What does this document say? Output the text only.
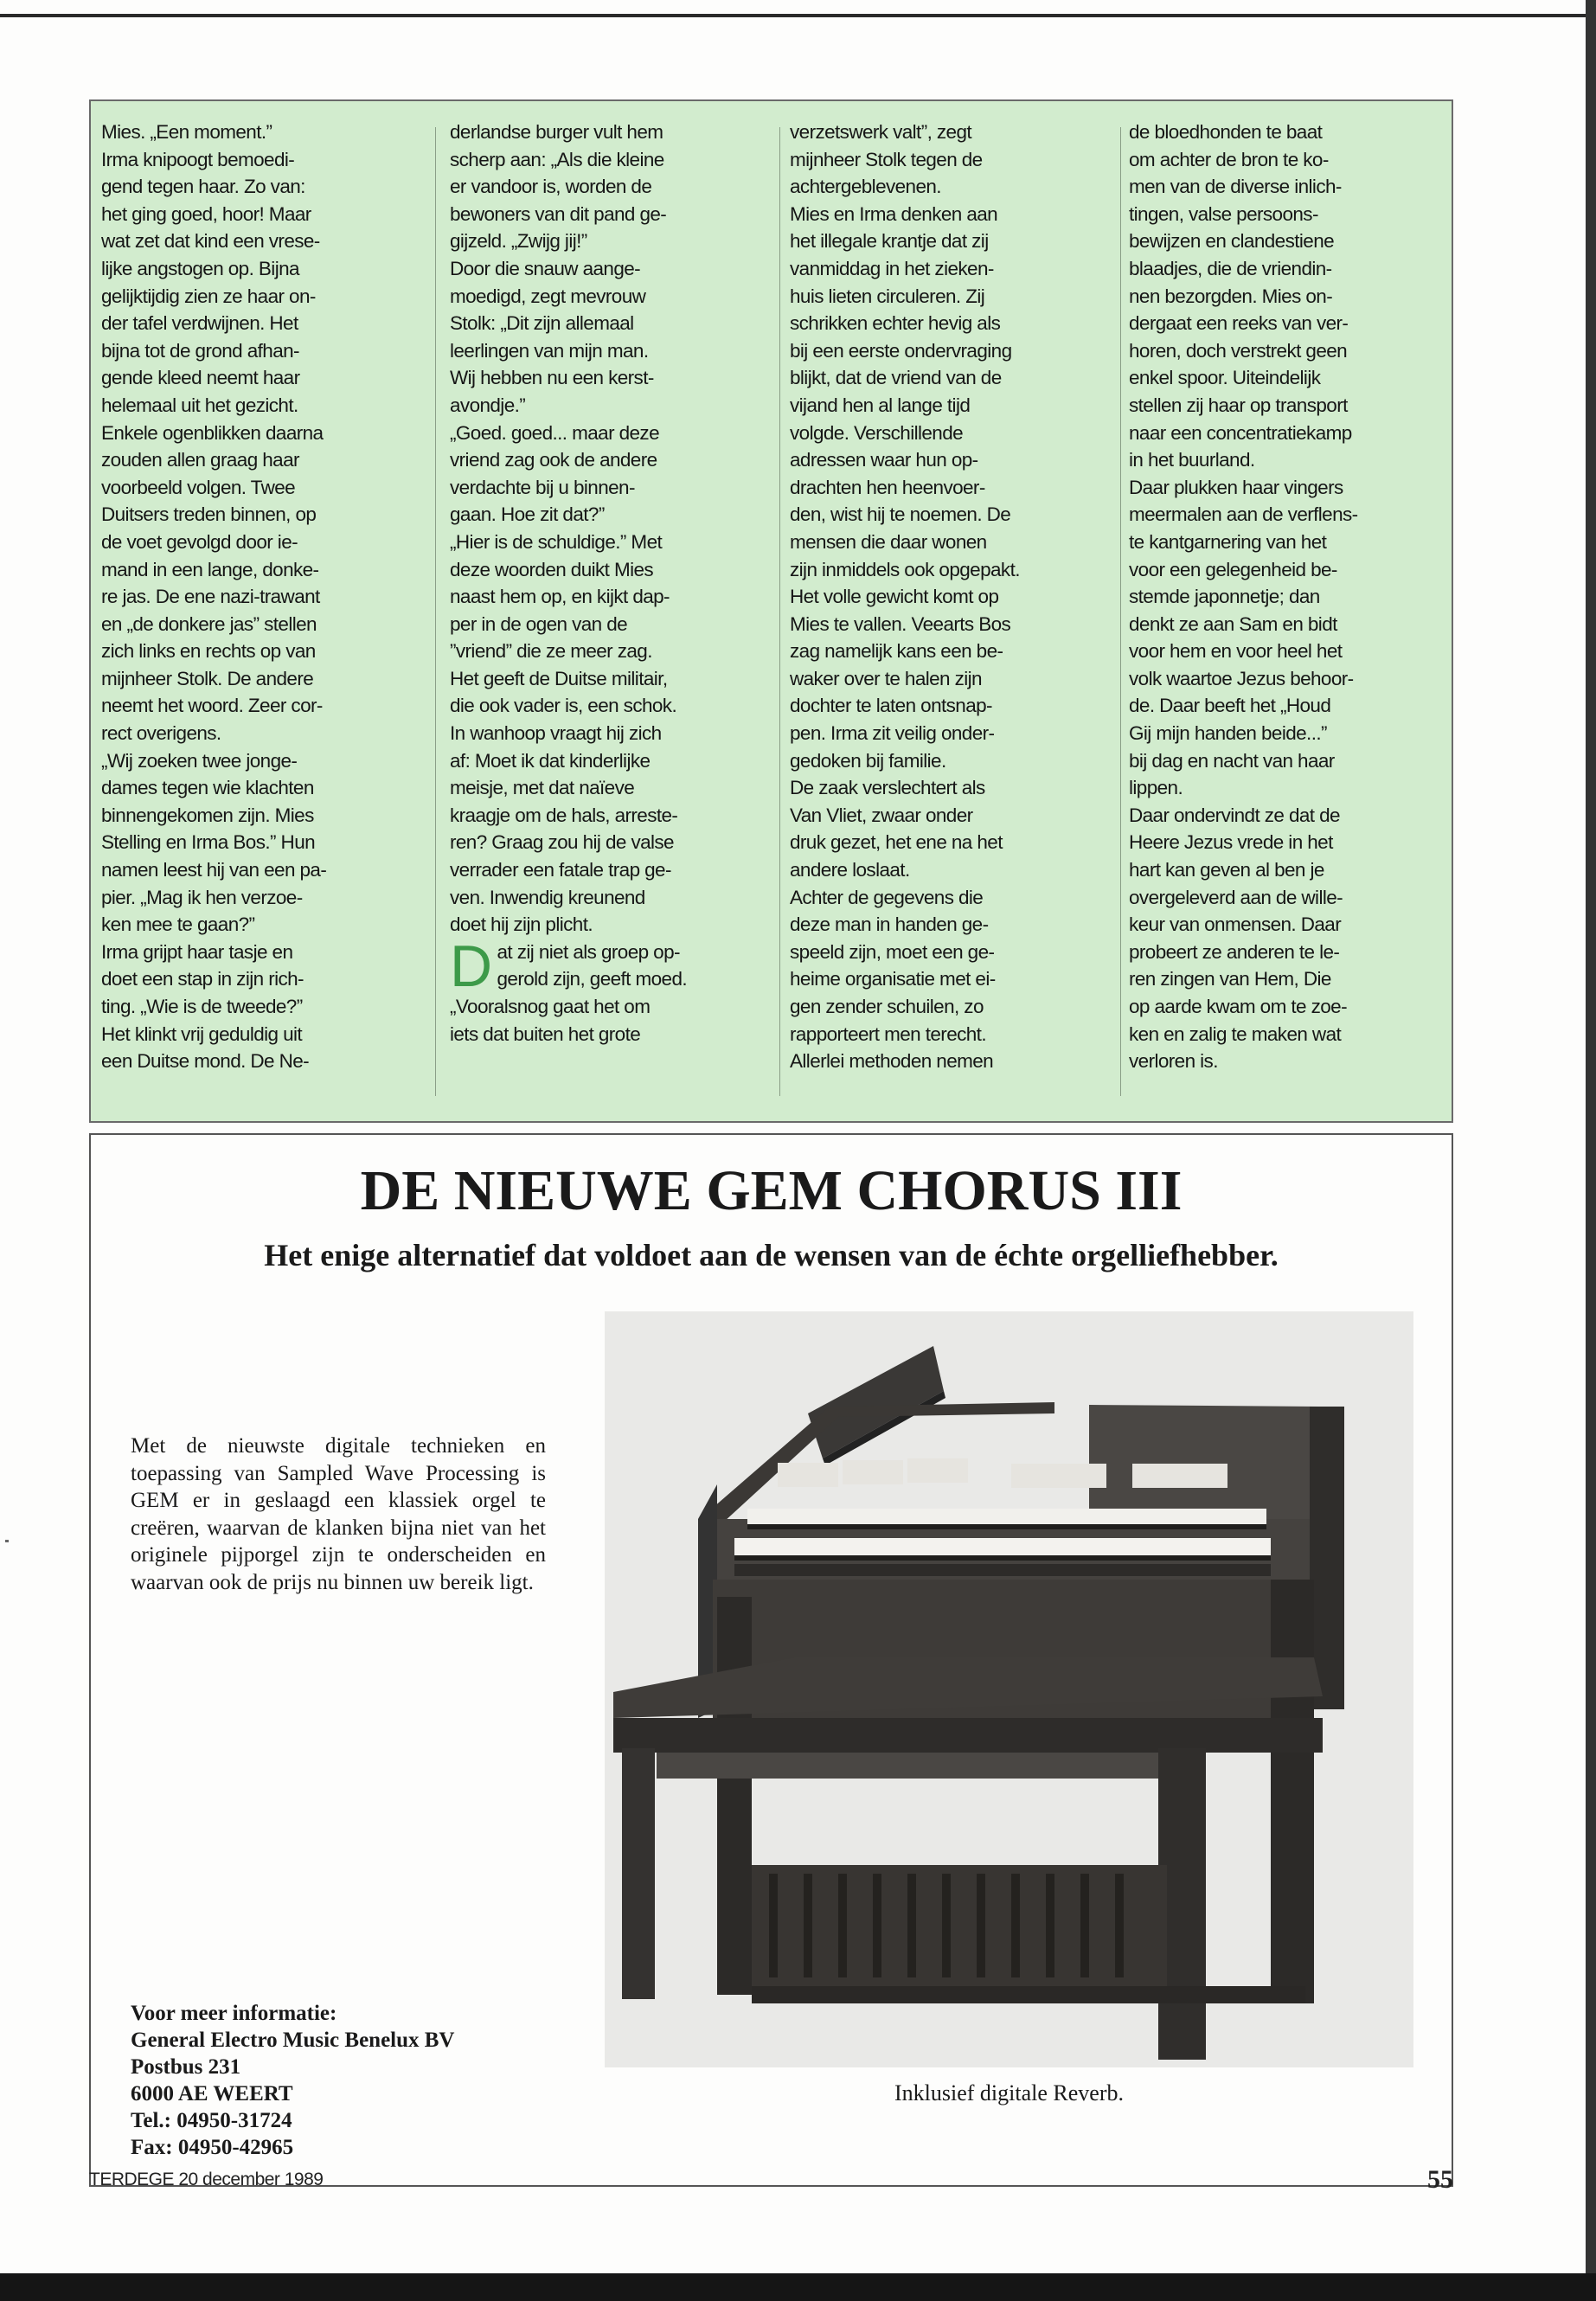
Mies. „Een moment.”
Irma knipoogt bemoedi-
gend tegen haar. Zo van:
het ging goed, hoor! Maar
wat zet dat kind een vrese-
lijke angstogen op. Bijna
gelijktijdig zien ze haar on-
der tafel verdwijnen. Het
bijna tot de grond afhan-
gende kleed neemt haar
helemaal uit het gezicht.
Enkele ogenblikken daarna
zouden allen graag haar
voorbeeld volgen. Twee
Duitsers treden binnen, op
de voet gevolgd door ie-
mand in een lange, donke-
re jas. De ene nazi-trawant
en „de donkere jas” stellen
zich links en rechts op van
mijnheer Stolk. De andere
neemt het woord. Zeer cor-
rect overigens.
„Wij zoeken twee jonge-
dames tegen wie klachten
binnengekomen zijn. Mies
Stelling en Irma Bos.” Hun
namen leest hij van een pa-
pier. „Mag ik hen verzoe-
ken mee te gaan?”
Irma grijpt haar tasje en
doet een stap in zijn rich-
ting. „Wie is de tweede?”
Het klinkt vrij geduldig uit
een Duitse mond. De Ne-
derlandse burger vult hem
scherp aan: „Als die kleine
er vandoor is, worden de
bewoners van dit pand ge-
gijzeld. „Zwijg jij!”
Door die snauw aange-
moedigd, zegt mevrouw
Stolk: „Dit zijn allemaal
leerlingen van mijn man.
Wij hebben nu een kerst-
avondje.”
„Goed. goed... maar deze
vriend zag ook de andere
verdachte bij u binnen-
gaan. Hoe zit dat?”
„Hier is de schuldige.” Met
deze woorden duikt Mies
naast hem op, en kijkt dap-
per in de ogen van de
”vriend” die ze meer zag.
Het geeft de Duitse militair,
die ook vader is, een schok.
In wanhoop vraagt hij zich
af: Moet ik dat kinderlijke
meisje, met dat naïeve
kraagje om de hals, arreste-
ren? Graag zou hij de valse
verrader een fatale trap ge-
ven. Inwendig kreunend
doet hij zijn plicht.

D at zij niet als groep op-
gerold zijn, geeft moed.
„Vooralsnog gaat het om
iets dat buiten het grote
verzetswerk valt”, zegt
mijnheer Stolk tegen de
achtergeblevenen.
Mies en Irma denken aan
het illegale krantje dat zij
vanmiddag in het zieken-
huis lieten circuleren. Zij
schrikken echter hevig als
bij een eerste ondervraging
blijkt, dat de vriend van de
vijand hen al lange tijd
volgde. Verschillende
adressen waar hun op-
drachten hen heenvoer-
den, wist hij te noemen. De
mensen die daar wonen
zijn inmiddels ook opgepakt.
Het volle gewicht komt op
Mies te vallen. Veearts Bos
zag namelijk kans een be-
waker over te halen zijn
dochter te laten ontsnap-
pen. Irma zit veilig onder-
gedoken bij familie.
De zaak verslechtert als
Van Vliet, zwaar onder
druk gezet, het ene na het
andere loslaat.
Achter de gegevens die
deze man in handen ge-
speeld zijn, moet een ge-
heime organisatie met ei-
gen zender schuilen, zo
rapporteert men terecht.
Allerlei methoden nemen
de bloedhonden te baat
om achter de bron te ko-
men van de diverse inlich-
tingen, valse persoons-
bewijzen en clandestiene
blaadjes, die de vriendin-
nen bezorgden. Mies on-
dergaat een reeks van ver-
horen, doch verstrekt geen
enkel spoor. Uiteindelijk
stellen zij haar op transport
naar een concentratiekamp
in het buurland.
Daar plukken haar vingers
meermalen aan de verflens-
te kantgarnering van het
voor een gelegenheid be-
stemde japonnetje; dan
denkt ze aan Sam en bidt
voor hem en voor heel het
volk waartoe Jezus behoor-
de. Daar beeft het „Houd
Gij mijn handen beide...”
bij dag en nacht van haar
lippen.
Daar ondervindt ze dat de
Heere Jezus vrede in het
hart kan geven al ben je
overgeleverd aan de wille-
keur van onmensen. Daar
probeert ze anderen te le-
ren zingen van Hem, Die
op aarde kwam om te zoe-
ken en zalig te maken wat
verloren is.
DE NIEUWE GEM CHORUS III
Het enige alternatief dat voldoet aan de wensen van de échte orgelliefhebber.
Met de nieuwste digitale technieken en toepassing van Sampled Wave Processing is GEM er in geslaagd een klassiek orgel te creëren, waarvan de klanken bijna niet van het originele pijporgel zijn te onderscheiden en waarvan ook de prijs nu binnen uw bereik ligt.
Voor meer informatie:
General Electro Music Benelux BV
Postbus 231
6000 AE WEERT
Tel.: 04950-31724
Fax: 04950-42965
Inklusief digitale Reverb.
TERDEGE 20 december 1989	55
